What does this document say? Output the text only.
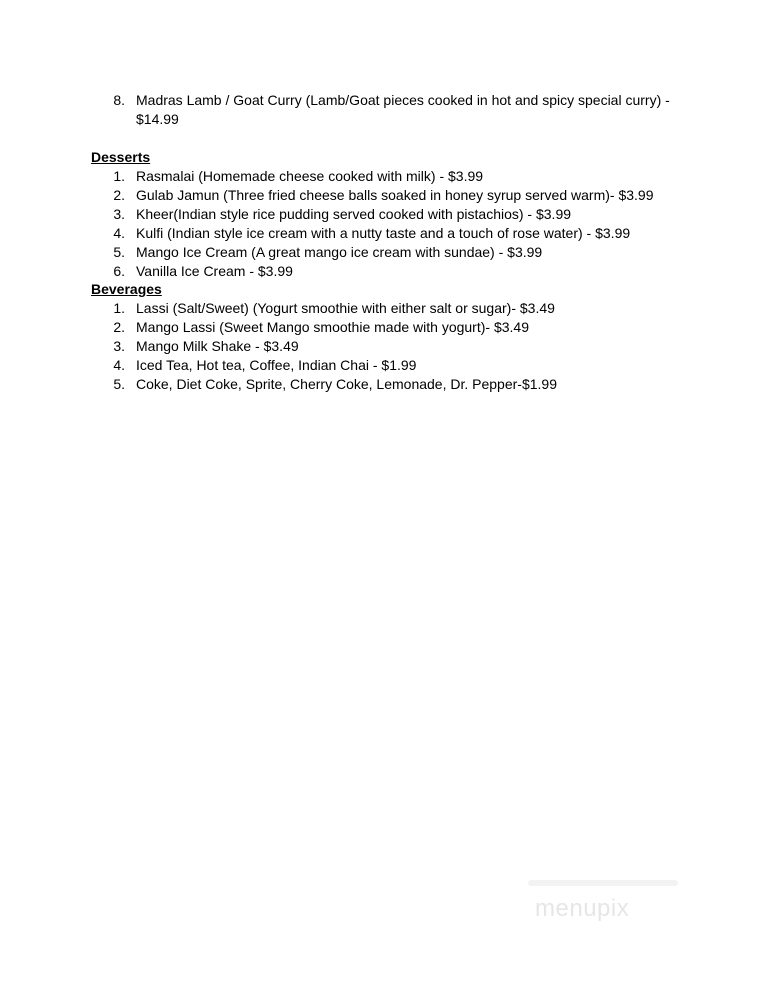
8. Madras Lamb / Goat Curry (Lamb/Goat pieces cooked in hot and spicy special curry) -
$14.99
Desserts
1. Rasmalai (Homemade cheese cooked with milk) - $3.99
2. Gulab Jamun (Three fried cheese balls soaked in honey syrup served warm)- $3.99
3. Kheer(Indian style rice pudding served cooked with pistachios) - $3.99
4. Kulfi (Indian style ice cream with a nutty taste and a touch of rose water) - $3.99
5. Mango Ice Cream (A great mango ice cream with sundae) - $3.99
6. Vanilla Ice Cream - $3.99
Beverages
1. Lassi (Salt/Sweet) (Yogurt smoothie with either salt or sugar)- $3.49
2. Mango Lassi (Sweet Mango smoothie made with yogurt)- $3.49
3. Mango Milk Shake - $3.49
4. Iced Tea, Hot tea, Coffee, Indian Chai - $1.99
5. Coke, Diet Coke, Sprite, Cherry Coke, Lemonade, Dr. Pepper-$1.99
menupix
